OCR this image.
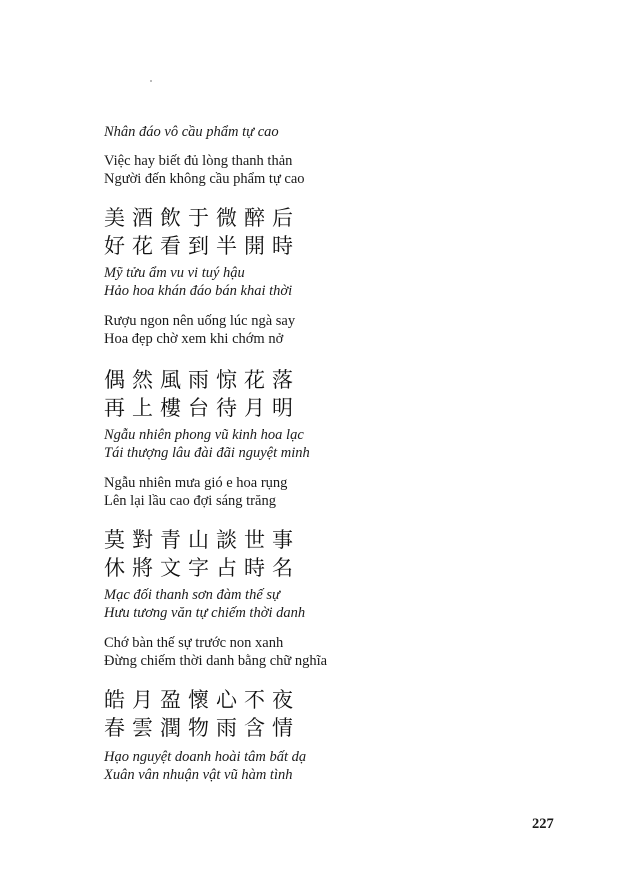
Nhân đáo vô cầu phẩm tự cao
Việc hay biết đủ lòng thanh thản
Người đến không cầu phẩm tự cao
美酒飲于微醉后
好花看到半開時
Mỹ tửu ẩm vu vi tuý hậu
Hảo hoa khán đáo bán khai thời
Rượu ngon nên uống lúc ngà say
Hoa đẹp chờ xem khi chớm nở
偶然風雨惊花落
再上樓台待月明
Ngẫu nhiên phong vũ kinh hoa lạc
Tái thượng lâu đài đãi nguyệt minh
Ngẫu nhiên mưa gió e hoa rụng
Lên lại lầu cao đợi sáng trăng
莫對青山談世事
休將文字占時名
Mạc đối thanh sơn đàm thế sự
Hưu tương văn tự chiếm thời danh
Chớ bàn thế sự trước non xanh
Đừng chiếm thời danh bằng chữ nghĩa
皓月盈懷心不夜
春雲潤物雨含情
Hạo nguyệt doanh hoài tâm bất dạ
Xuân vân nhuận vật vũ hàm tình
227
